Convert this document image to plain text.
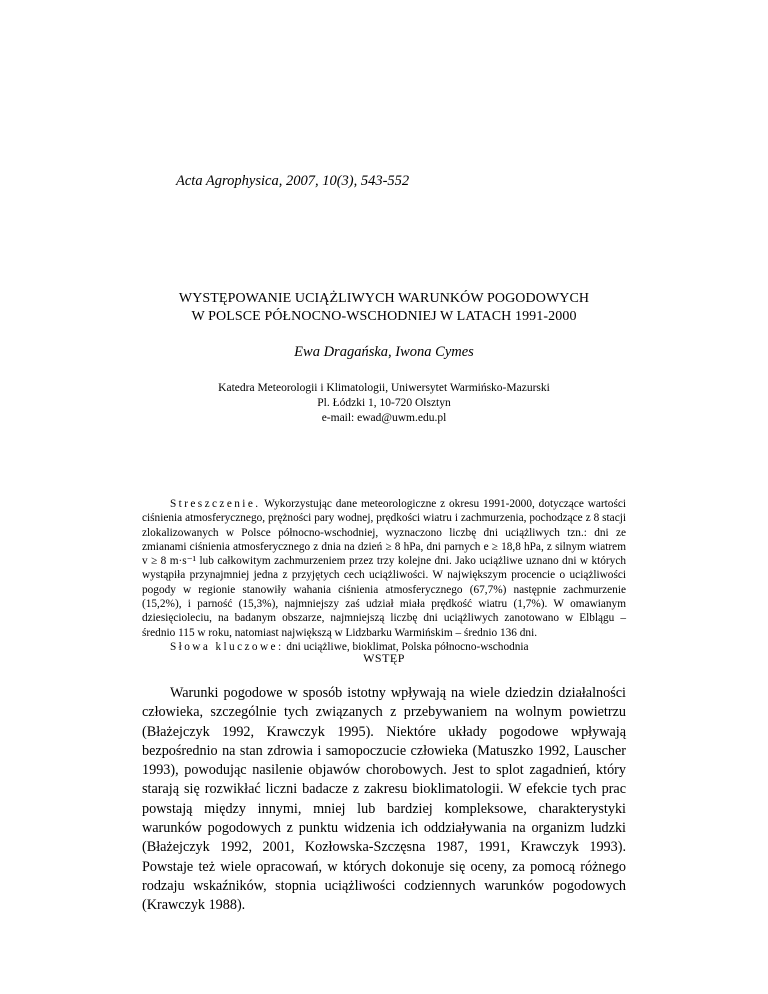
Acta Agrophysica, 2007, 10(3), 543-552
WYSTĘPOWANIE UCIĄŻLIWYCH WARUNKÓW POGODOWYCH
W POLSCE PÓŁNOCNO-WSCHODNIEJ W LATACH 1991-2000
Ewa Dragańska, Iwona Cymes
Katedra Meteorologii i Klimatologii, Uniwersytet Warmińsko-Mazurski
Pl. Łódzki 1, 10-720 Olsztyn
e-mail: ewad@uwm.edu.pl

Streszczenie. Wykorzystując dane meteorologiczne z okresu 1991-2000, dotyczące wartości ciśnienia atmosferycznego, prężności pary wodnej, prędkości wiatru i zachmurzenia, pochodzące z 8 stacji zlokalizowanych w Polsce północno-wschodniej, wyznaczono liczbę dni uciążliwych tzn.: dni ze zmianami ciśnienia atmosferycznego z dnia na dzień ≥ 8 hPa, dni parnych e ≥ 18,8 hPa, z silnym wiatrem v ≥ 8 m·s⁻¹ lub całkowitym zachmurzeniem przez trzy kolejne dni. Jako uciążliwe uznano dni w których wystąpiła przynajmniej jedna z przyjętych cech uciążliwości. W największym procencie o uciążliwości pogody w regionie stanowiły wahania ciśnienia atmosferycznego (67,7%) następnie zachmurzenie (15,2%), i parność (15,3%), najmniejszy zaś udział miała prędkość wiatru (1,7%). W omawianym dziesięcioleciu, na badanym obszarze, najmniejszą liczbę dni uciążliwych zanotowano w Elblągu – średnio 115 w roku, natomiast największą w Lidzbarku Warmińskim – średnio 136 dni.

Słowa kluczowe: dni uciążliwe, bioklimat, Polska północno-wschodnia

WSTĘP

Warunki pogodowe w sposób istotny wpływają na wiele dziedzin działalności człowieka, szczególnie tych związanych z przebywaniem na wolnym powietrzu (Błażejczyk 1992, Krawczyk 1995). Niektóre układy pogodowe wpływają bezpośrednio na stan zdrowia i samopoczucie człowieka (Matuszko 1992, Lauscher 1993), powodując nasilenie objawów chorobowych. Jest to splot zagadnień, który starają się rozwikłać liczni badacze z zakresu bioklimatologii. W efekcie tych prac powstają między innymi, mniej lub bardziej kompleksowe, charakterystyki warunków pogodowych z punktu widzenia ich oddziaływania na organizm ludzki (Błażejczyk 1992, 2001, Kozłowska-Szczęsna 1987, 1991, Krawczyk 1993). Powstaje też wiele opracowań, w których dokonuje się oceny, za pomocą różnego rodzaju wskaźników, stopnia uciążliwości codziennych warunków pogodowych (Krawczyk 1988).
